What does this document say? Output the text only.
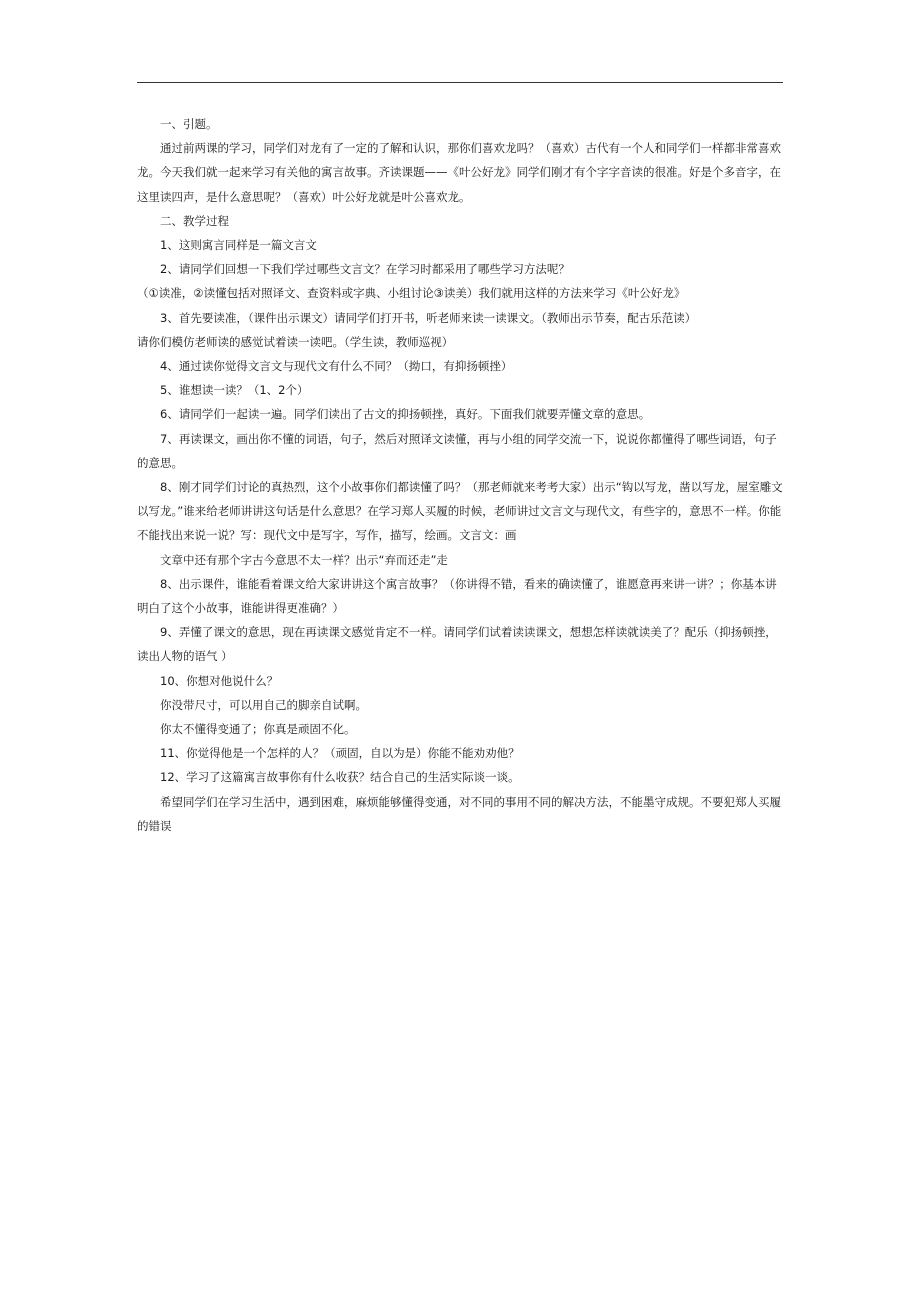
一、引题。

通过前两课的学习，同学们对龙有了一定的了解和认识，那你们喜欢龙吗？（喜欢）古代有一个人和同学们一样都非常喜欢龙。今天我们就一起来学习有关他的寓言故事。齐读课题——《叶公好龙》同学们刚才有个字字音读的很准。好是个多音字，在这里读四声，是什么意思呢？（喜欢）叶公好龙就是叶公喜欢龙。

二、教学过程

1、这则寓言同样是一篇文言文

2、请同学们回想一下我们学过哪些文言文？在学习时都采用了哪些学习方法呢？

（①读准，②读懂包括对照译文、查资料或字典、小组讨论③读美）我们就用这样的方法来学习《叶公好龙》

3、首先要读准，（课件出示课文）请同学们打开书，听老师来读一读课文。（教师出示节奏，配古乐范读）

请你们模仿老师读的感觉试着读一读吧。（学生读，教师巡视）

4、通过读你觉得文言文与现代文有什么不同？（拗口，有抑扬顿挫）

5、谁想读一读？（1、2个）

6、请同学们一起读一遍。同学们读出了古文的抑扬顿挫，真好。下面我们就要弄懂文章的意思。

7、再读课文，画出你不懂的词语，句子，然后对照译文读懂，再与小组的同学交流一下，说说你都懂得了哪些词语，句子的意思。

8、刚才同学们讨论的真热烈，这个小故事你们都读懂了吗？（那老师就来考考大家）出示“钩以写龙，凿以写龙，屋室雕文以写龙。”谁来给老师讲讲这句话是什么意思？在学习郑人买履的时候，老师讲过文言文与现代文，有些字的，意思不一样。你能不能找出来说一说？写：现代文中是写字，写作，描写，绘画。文言文：画

文章中还有那个字古今意思不太一样？出示“弃而还走”走

8、出示课件，谁能看着课文给大家讲讲这个寓言故事？（你讲得不错，看来的确读懂了，谁愿意再来讲一讲？；你基本讲明白了这个小故事，谁能讲得更准确？）

9、弄懂了课文的意思，现在再读课文感觉肯定不一样。请同学们试着读读课文，想想怎样读就读美了？配乐（抑扬顿挫，读出人物的语气 ）

10、你想对他说什么？

你没带尺寸，可以用自己的脚亲自试啊。

你太不懂得变通了；你真是顽固不化。

11、你觉得他是一个怎样的人？（顽固，自以为是）你能不能劝劝他？

12、学习了这篇寓言故事你有什么收获？结合自己的生活实际谈一谈。

希望同学们在学习生活中，遇到困难，麻烦能够懂得变通，对不同的事用不同的解决方法，不能墨守成规。不要犯郑人买履的错误
